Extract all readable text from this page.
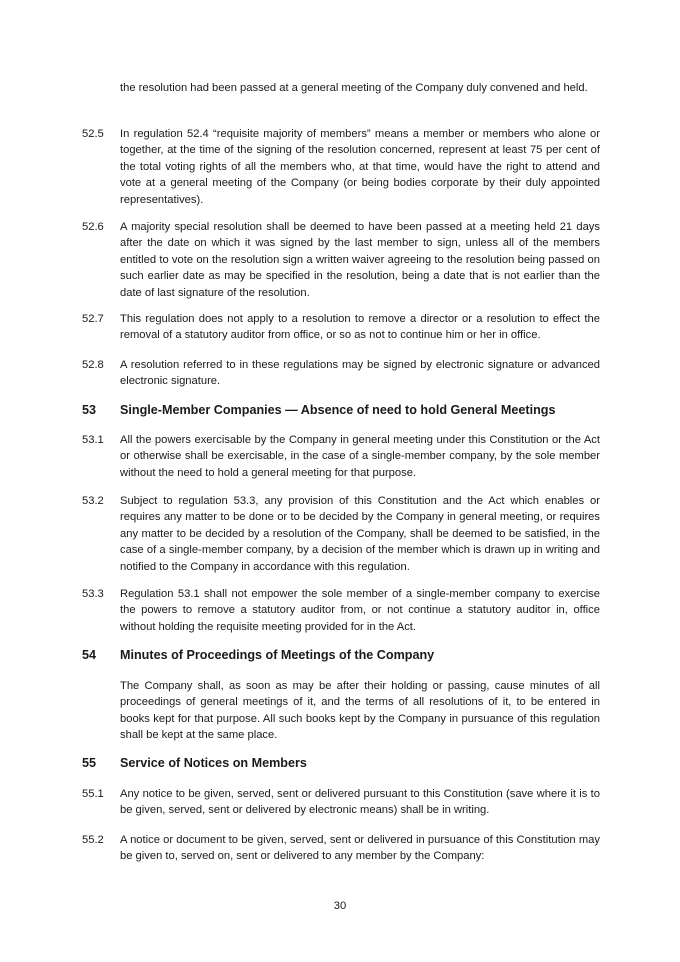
the resolution had been passed at a general meeting of the Company duly convened and held.
52.5	In regulation 52.4 “requisite majority of members” means a member or members who alone or together, at the time of the signing of the resolution concerned, represent at least 75 per cent of the total voting rights of all the members who, at that time, would have the right to attend and vote at a general meeting of the Company (or being bodies corporate by their duly appointed representatives).
52.6	A majority special resolution shall be deemed to have been passed at a meeting held 21 days after the date on which it was signed by the last member to sign, unless all of the members entitled to vote on the resolution sign a written waiver agreeing to the resolution being passed on such earlier date as may be specified in the resolution, being a date that is not earlier than the date of last signature of the resolution.
52.7	This regulation does not apply to a resolution to remove a director or a resolution to effect the removal of a statutory auditor from office, or so as not to continue him or her in office.
52.8	A resolution referred to in these regulations may be signed by electronic signature or advanced electronic signature.
53	Single-Member Companies — Absence of need to hold General Meetings
53.1	All the powers exercisable by the Company in general meeting under this Constitution or the Act or otherwise shall be exercisable, in the case of a single-member company, by the sole member without the need to hold a general meeting for that purpose.
53.2	Subject to regulation 53.3, any provision of this Constitution and the Act which enables or requires any matter to be done or to be decided by the Company in general meeting, or requires any matter to be decided by a resolution of the Company, shall be deemed to be satisfied, in the case of a single-member company, by a decision of the member which is drawn up in writing and notified to the Company in accordance with this regulation.
53.3	Regulation 53.1 shall not empower the sole member of a single-member company to exercise the powers to remove a statutory auditor from, or not continue a statutory auditor in, office without holding the requisite meeting provided for in the Act.
54	Minutes of Proceedings of Meetings of the Company
The Company shall, as soon as may be after their holding or passing, cause minutes of all proceedings of general meetings of it, and the terms of all resolutions of it, to be entered in books kept for that purpose. All such books kept by the Company in pursuance of this regulation shall be kept at the same place.
55	Service of Notices on Members
55.1	Any notice to be given, served, sent or delivered pursuant to this Constitution (save where it is to be given, served, sent or delivered by electronic means) shall be in writing.
55.2	A notice or document to be given, served, sent or delivered in pursuance of this Constitution may be given to, served on, sent or delivered to any member by the Company:
30
